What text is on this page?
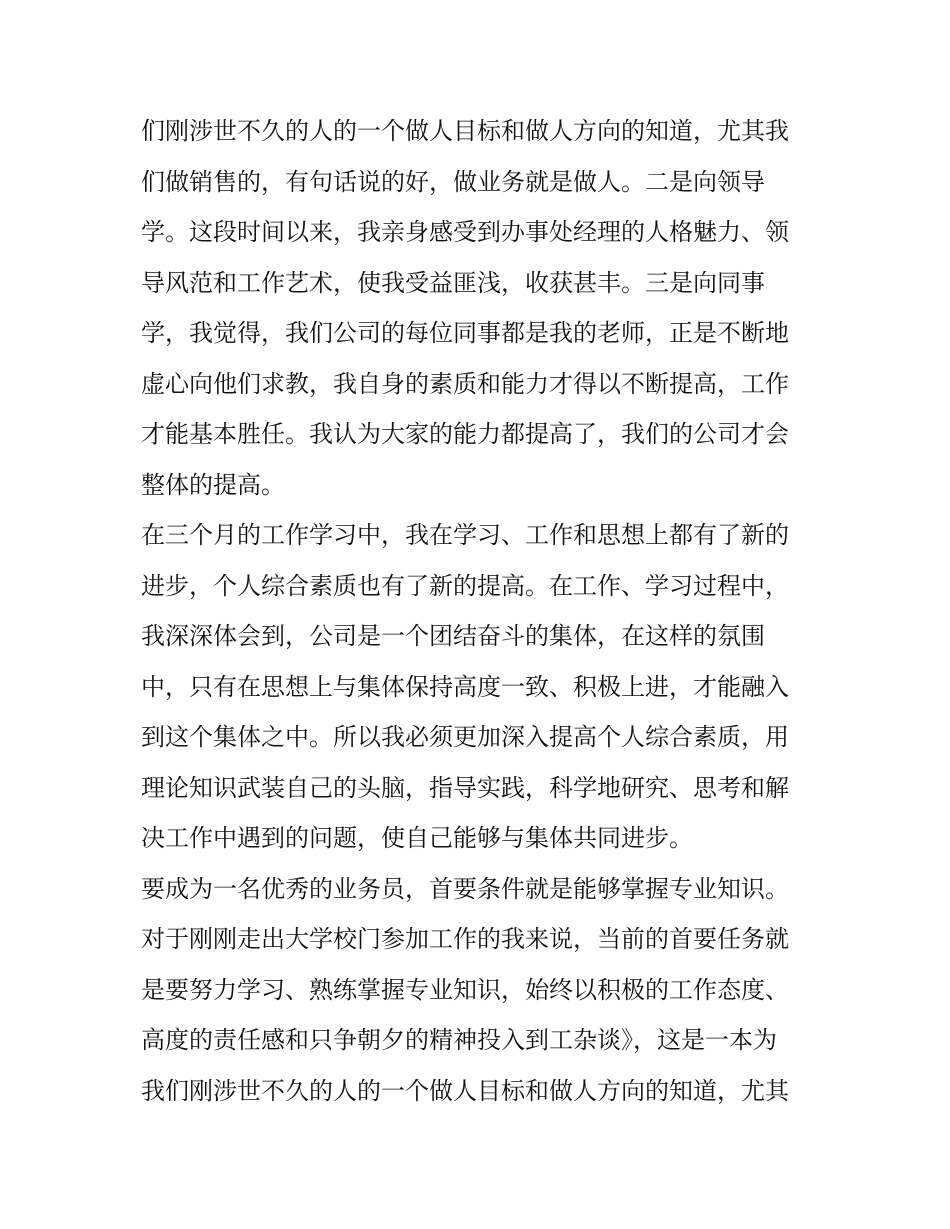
们刚涉世不久的人的一个做人目标和做人方向的知道，尤其我
们做销售的，有句话说的好，做业务就是做人。二是向领导
学。这段时间以来，我亲身感受到办事处经理的人格魅力、领
导风范和工作艺术，使我受益匪浅，收获甚丰。三是向同事
学，我觉得，我们公司的每位同事都是我的老师，正是不断地
虚心向他们求教，我自身的素质和能力才得以不断提高，工作
才能基本胜任。我认为大家的能力都提高了，我们的公司才会
整体的提高。
在三个月的工作学习中，我在学习、工作和思想上都有了新的
进步，个人综合素质也有了新的提高。在工作、学习过程中，
我深深体会到，公司是一个团结奋斗的集体，在这样的氛围
中，只有在思想上与集体保持高度一致、积极上进，才能融入
到这个集体之中。所以我必须更加深入提高个人综合素质，用
理论知识武装自己的头脑，指导实践，科学地研究、思考和解
决工作中遇到的问题，使自己能够与集体共同进步。
要成为一名优秀的业务员，首要条件就是能够掌握专业知识。
对于刚刚走出大学校门参加工作的我来说，当前的首要任务就
是要努力学习、熟练掌握专业知识，始终以积极的工作态度、
高度的责任感和只争朝夕的精神投入到工杂谈》，这是一本为
我们刚涉世不久的人的一个做人目标和做人方向的知道，尤其
